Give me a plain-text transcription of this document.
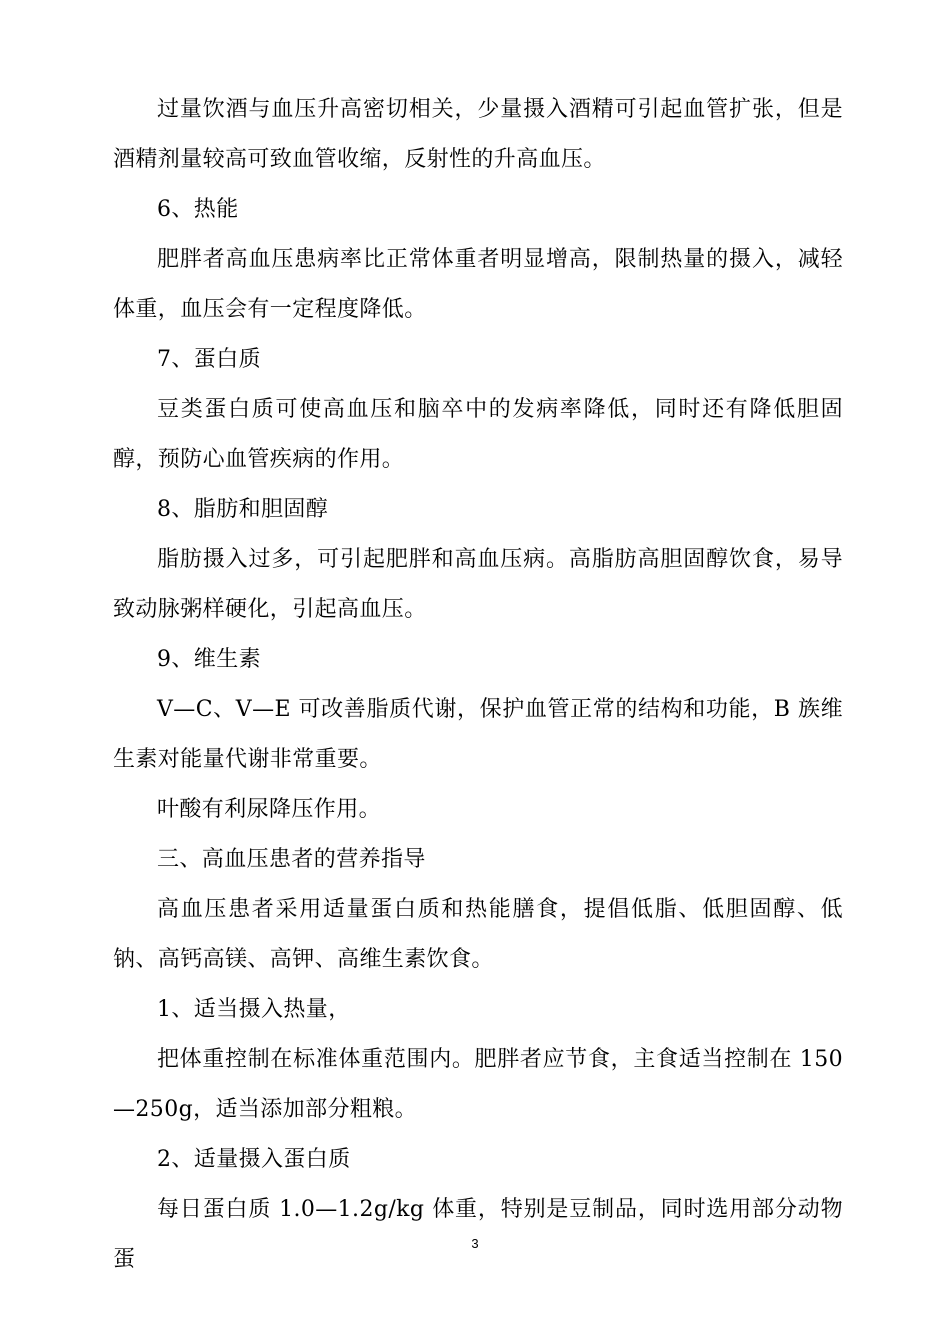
过量饮酒与血压升高密切相关，少量摄入酒精可引起血管扩张，但是酒精剂量较高可致血管收缩，反射性的升高血压。

6、热能

肥胖者高血压患病率比正常体重者明显增高，限制热量的摄入，减轻体重，血压会有一定程度降低。

7、蛋白质

豆类蛋白质可使高血压和脑卒中的发病率降低，同时还有降低胆固醇，预防心血管疾病的作用。

8、脂肪和胆固醇

脂肪摄入过多，可引起肥胖和高血压病。高脂肪高胆固醇饮食，易导致动脉粥样硬化，引起高血压。

9、维生素

V—C、V—E 可改善脂质代谢，保护血管正常的结构和功能，B 族维生素对能量代谢非常重要。

叶酸有利尿降压作用。

三、高血压患者的营养指导

高血压患者采用适量蛋白质和热能膳食，提倡低脂、低胆固醇、低钠、高钙高镁、高钾、高维生素饮食。

1、适当摄入热量，

把体重控制在标准体重范围内。肥胖者应节食，主食适当控制在 150—250g，适当添加部分粗粮。

2、适量摄入蛋白质

每日蛋白质 1.0—1.2g/kg 体重，特别是豆制品，同时选用部分动物蛋

3
